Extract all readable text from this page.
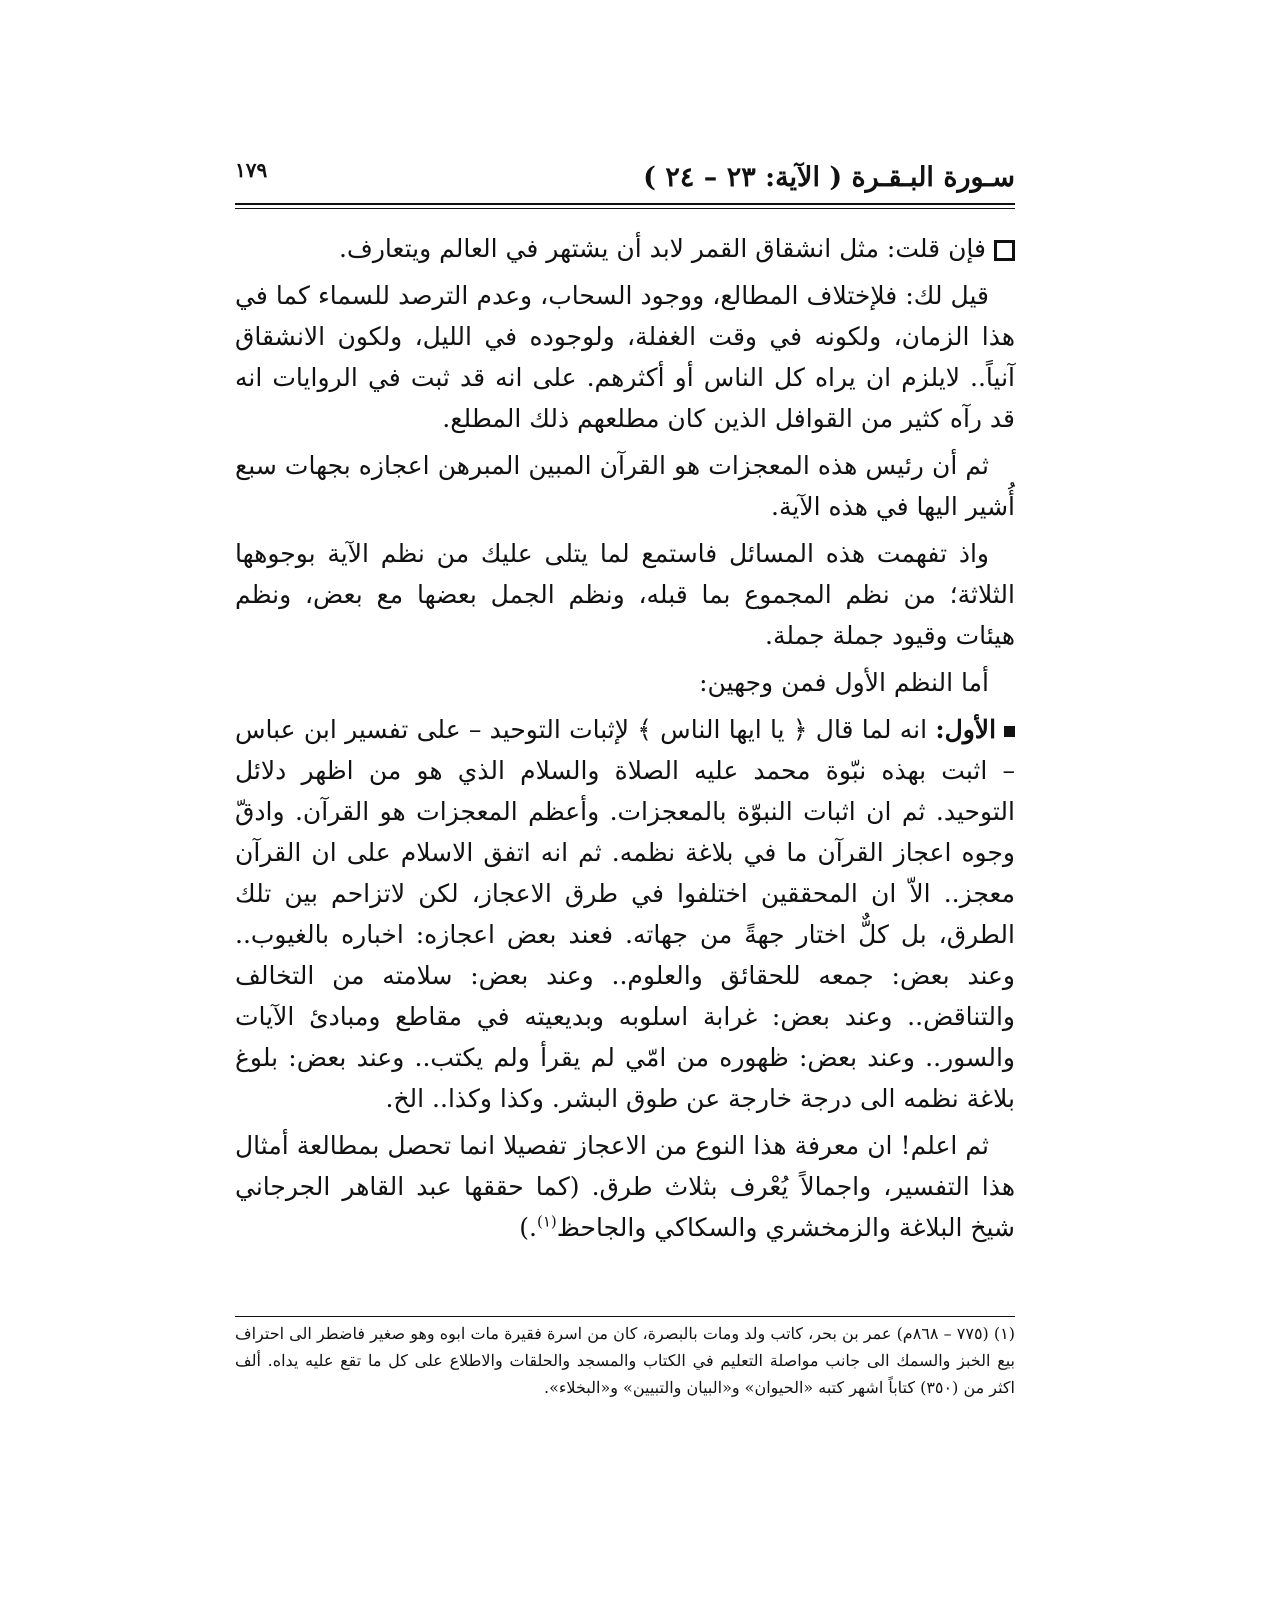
سـورة البـقـرة ( الآية: ٢٣ – ٢٤ )
١٧٩

فإن قلت: مثل انشقاق القمر لابد أن يشتهر في العالم ويتعارف.

قيل لك: فلإختلاف المطالع، ووجود السحاب، وعدم الترصد للسماء كما في هذا الزمان، ولكونه في وقت الغفلة، ولوجوده في الليل، ولكون الانشقاق آنياً.. لايلزم ان يراه كل الناس أو أكثرهم. على انه قد ثبت في الروايات انه قد رآه كثير من القوافل الذين كان مطلعهم ذلك المطلع.

ثم أن رئيس هذه المعجزات هو القرآن المبين المبرهن اعجازه بجهات سبع أُشير اليها في هذه الآية.

واذ تفهمت هذه المسائل فاستمع لما يتلى عليك من نظم الآية بوجوهها الثلاثة؛ من نظم المجموع بما قبله، ونظم الجمل بعضها مع بعض، ونظم هيئات وقيود جملة جملة.

أما النظم الأول فمن وجهين:

الأول: انه لما قال ﴿ يا ايها الناس ﴾ لإثبات التوحيد – على تفسير ابن عباس – اثبت بهذه نبّوة محمد عليه الصلاة والسلام الذي هو من اظهر دلائل التوحيد. ثم ان اثبات النبوّة بالمعجزات. وأعظم المعجزات هو القرآن. وادقّ وجوه اعجاز القرآن ما في بلاغة نظمه. ثم انه اتفق الاسلام على ان القرآن معجز.. الاّ ان المحققين اختلفوا في طرق الاعجاز، لكن لاتزاحم بين تلك الطرق، بل كلٌّ اختار جهةً من جهاته. فعند بعض اعجازه: اخباره بالغيوب.. وعند بعض: جمعه للحقائق والعلوم.. وعند بعض: سلامته من التخالف والتناقض.. وعند بعض: غرابة اسلوبه وبديعيته في مقاطع ومبادئ الآيات والسور.. وعند بعض: ظهوره من امّي لم يقرأ ولم يكتب.. وعند بعض: بلوغ بلاغة نظمه الى درجة خارجة عن طوق البشر. وكذا وكذا.. الخ.

ثم اعلم! ان معرفة هذا النوع من الاعجاز تفصيلا انما تحصل بمطالعة أمثال هذا التفسير، واجمالاً يُعْرف بثلاث طرق. (كما حققها عبد القاهر الجرجاني شيخ البلاغة والزمخشري والسكاكي والجاحظ$^{(١)}$.)

(١) (٧٧٥ – ٨٦٨م) عمر بن بحر، كاتب ولد ومات بالبصرة، كان من اسرة فقيرة مات ابوه وهو صغير فاضطر الى احتراف بيع الخبز والسمك الى جانب مواصلة التعليم في الكتاب والمسجد والحلقات والاطلاع على كل ما تقع عليه يداه. ألف اكثر من (٣٥٠) كتاباً اشهر كتبه «الحيوان» و«البيان والتبيين» و«البخلاء».
